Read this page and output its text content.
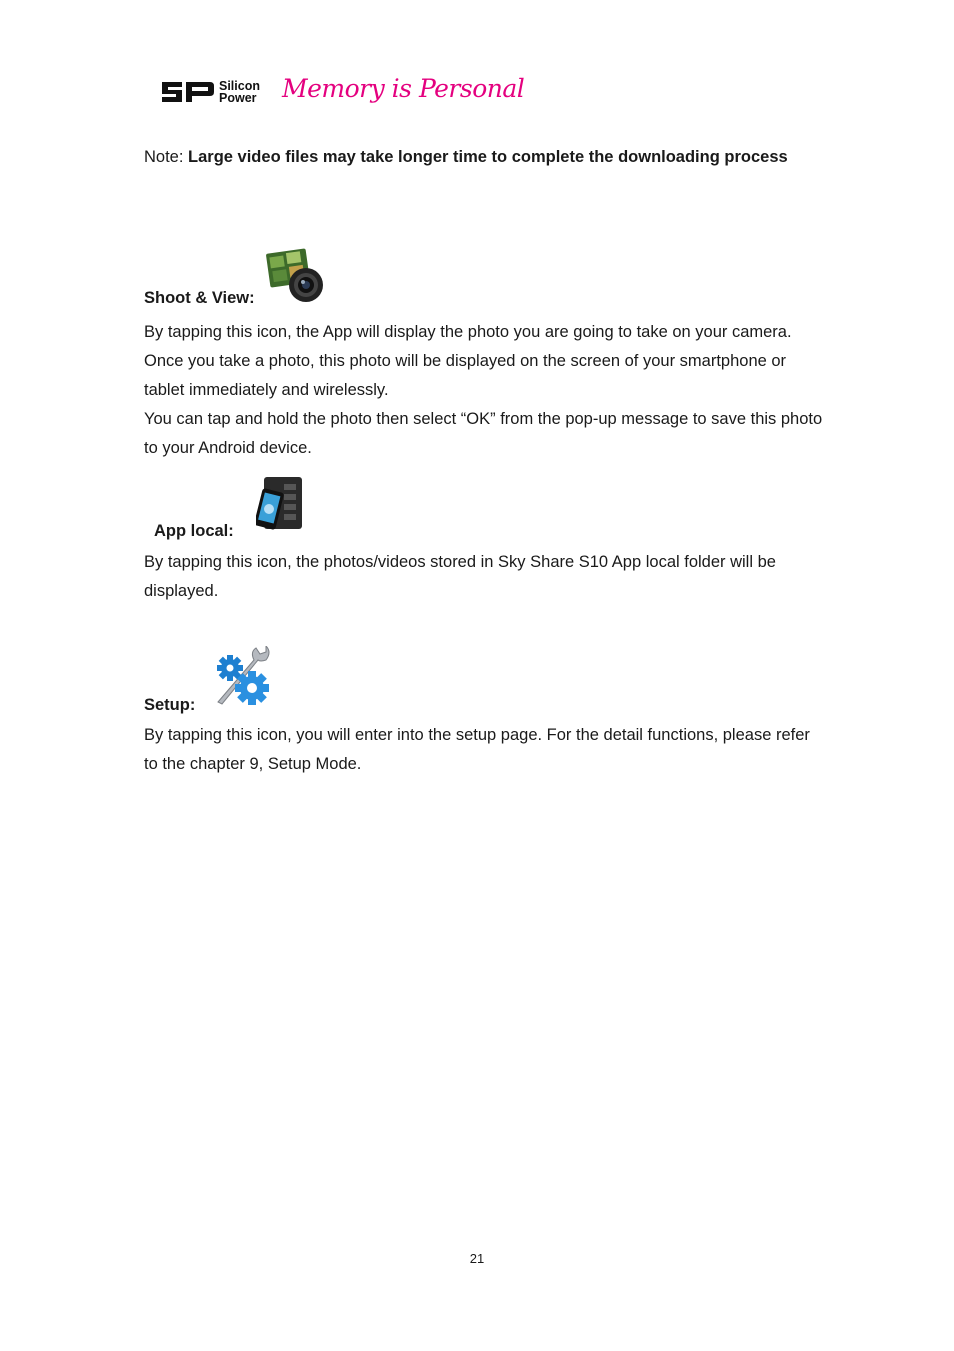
Silicon
Power Memory is Personal
Note: Large video files may take longer time to complete the downloading process
Shoot & View:

By tapping this icon, the App will display the photo you are going to take on your camera. Once you take a photo, this photo will be displayed on the screen of your smartphone or tablet immediately and wirelessly.

You can tap and hold the photo then select “OK” from the pop-up message to save this photo to your Android device.

App local:

By tapping this icon, the photos/videos stored in Sky Share S10 App local folder will be displayed.

Setup:

By tapping this icon, you will enter into the setup page. For the detail functions, please refer to the chapter 9, Setup Mode.

21
